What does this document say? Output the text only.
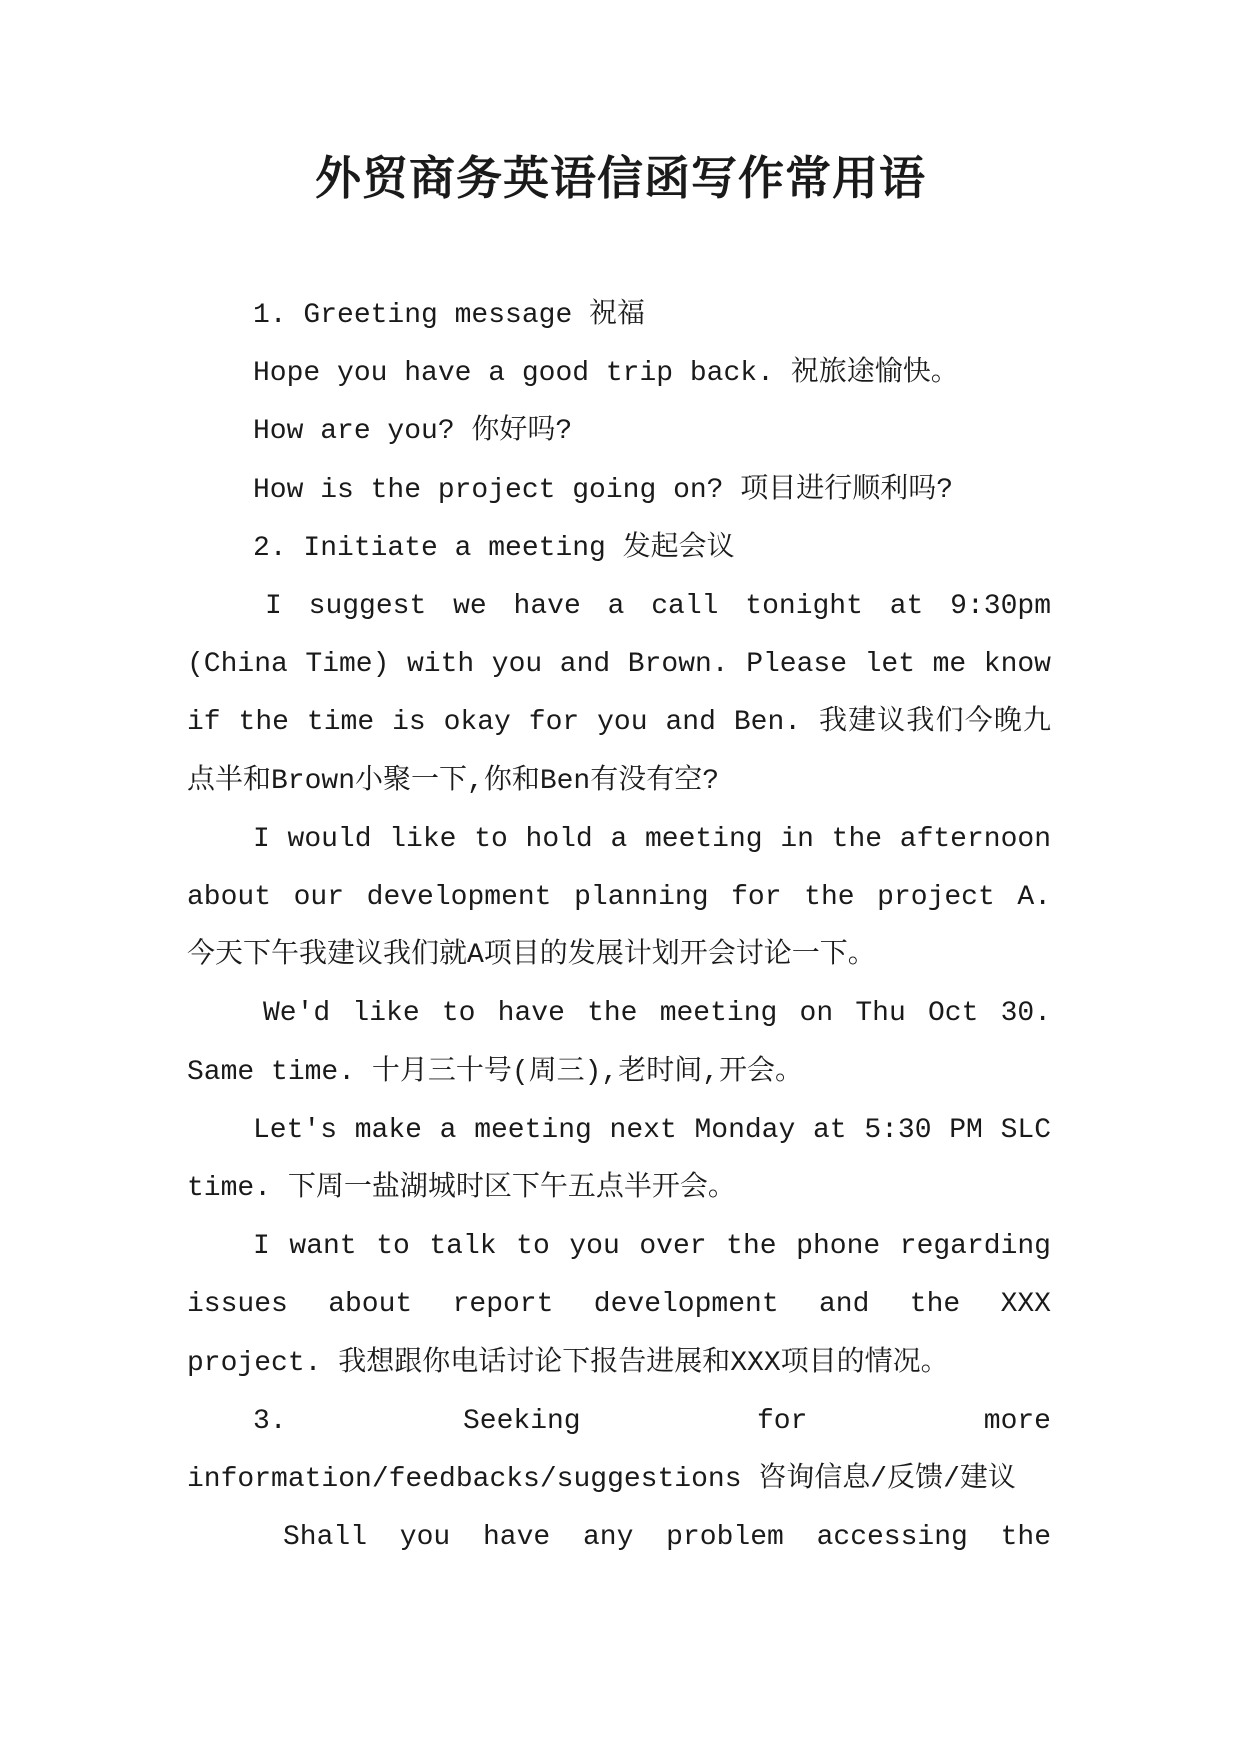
外贸商务英语信函写作常用语

1. Greeting message 祝福

Hope you have a good trip back. 祝旅途愉快。

How are you? 你好吗?

How is the project going on? 项目进行顺利吗?

2. Initiate a meeting 发起会议

I suggest we have a call tonight at 9:30pm (China Time) with you and Brown. Please let me know if the time is okay for you and Ben. 我建议我们今晚九点半和Brown小聚一下,你和Ben有没有空?

I would like to hold a meeting in the afternoon about our development planning for the project A. 今天下午我建议我们就A项目的发展计划开会讨论一下。

We'd like to have the meeting on Thu Oct 30. Same time. 十月三十号(周三),老时间,开会。

Let's make a meeting next Monday at 5:30 PM SLC time. 下周一盐湖城时区下午五点半开会。

I want to talk to you over the phone regarding issues about report development and the XXX project. 我想跟你电话讨论下报告进展和XXX项目的情况。

3. Seeking for more information/feedbacks/suggestions 咨询信息/反馈/建议

Shall you have any problem accessing the
